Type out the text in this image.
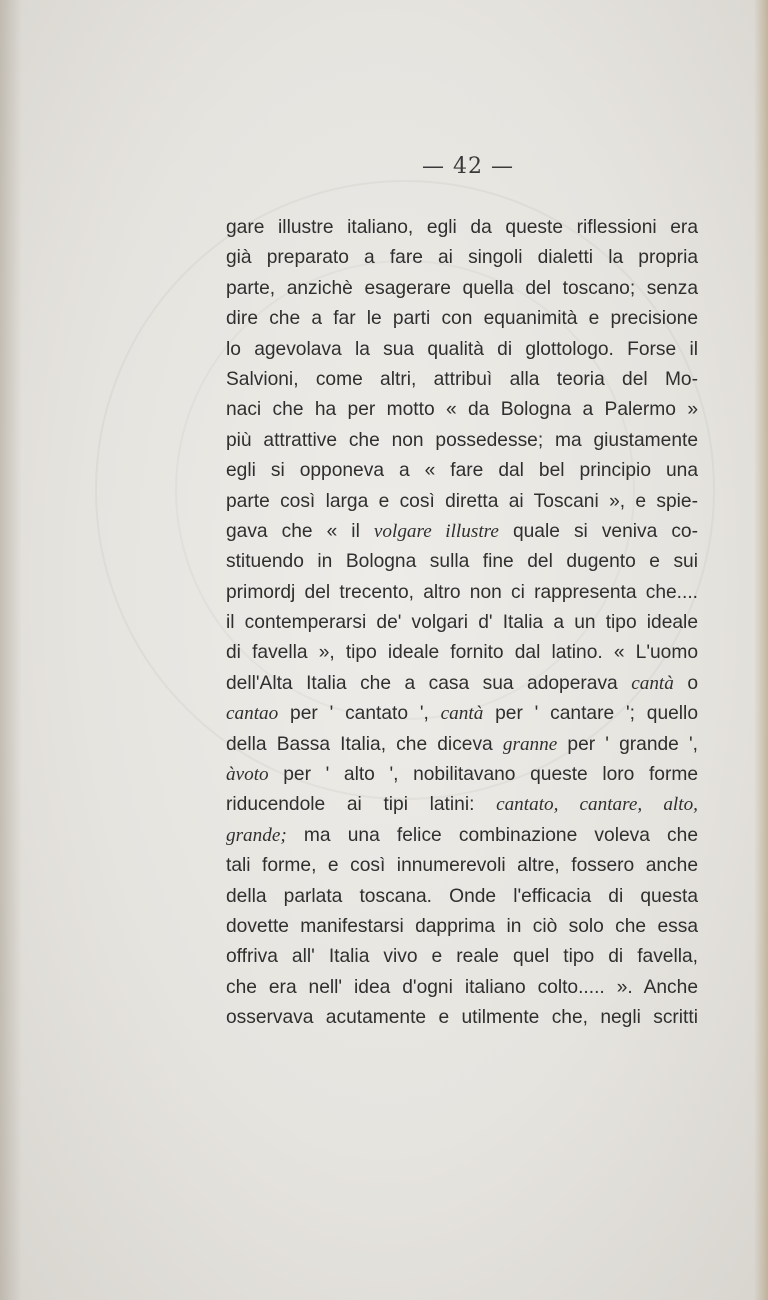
— 42 —
gare illustre italiano, egli da queste riflessioni era
già preparato a fare ai singoli dialetti la propria
parte, anzichè esagerare quella del toscano; senza
dire che a far le parti con equanimità e precisione
lo agevolava la sua qualità di glottologo. Forse il
Salvioni, come altri, attribuì alla teoria del Mo-
naci che ha per motto « da Bologna a Palermo »
più attrattive che non possedesse; ma giustamente
egli si opponeva a « fare dal bel principio una
parte così larga e così diretta ai Toscani », e spie-
gava che « il volgare illustre quale si veniva co-
stituendo in Bologna sulla fine del dugento e sui
primordj del trecento, altro non ci rappresenta che....
il contemperarsi de' volgari d' Italia a un tipo ideale
di favella », tipo ideale fornito dal latino. « L'uomo
dell'Alta Italia che a casa sua adoperava cantà o
cantao per ' cantato ', cantà per ' cantare '; quello
della Bassa Italia, che diceva granne per ' grande ',
àvoto per ' alto ', nobilitavano queste loro forme
riducendole ai tipi latini: cantato, cantare, alto,
grande; ma una felice combinazione voleva che
tali forme, e così innumerevoli altre, fossero anche
della parlata toscana. Onde l'efficacia di questa
dovette manifestarsi dapprima in ciò solo che essa
offriva all' Italia vivo e reale quel tipo di favella,
che era nell' idea d'ogni italiano colto..... ». Anche
osservava acutamente e utilmente che, negli scritti
